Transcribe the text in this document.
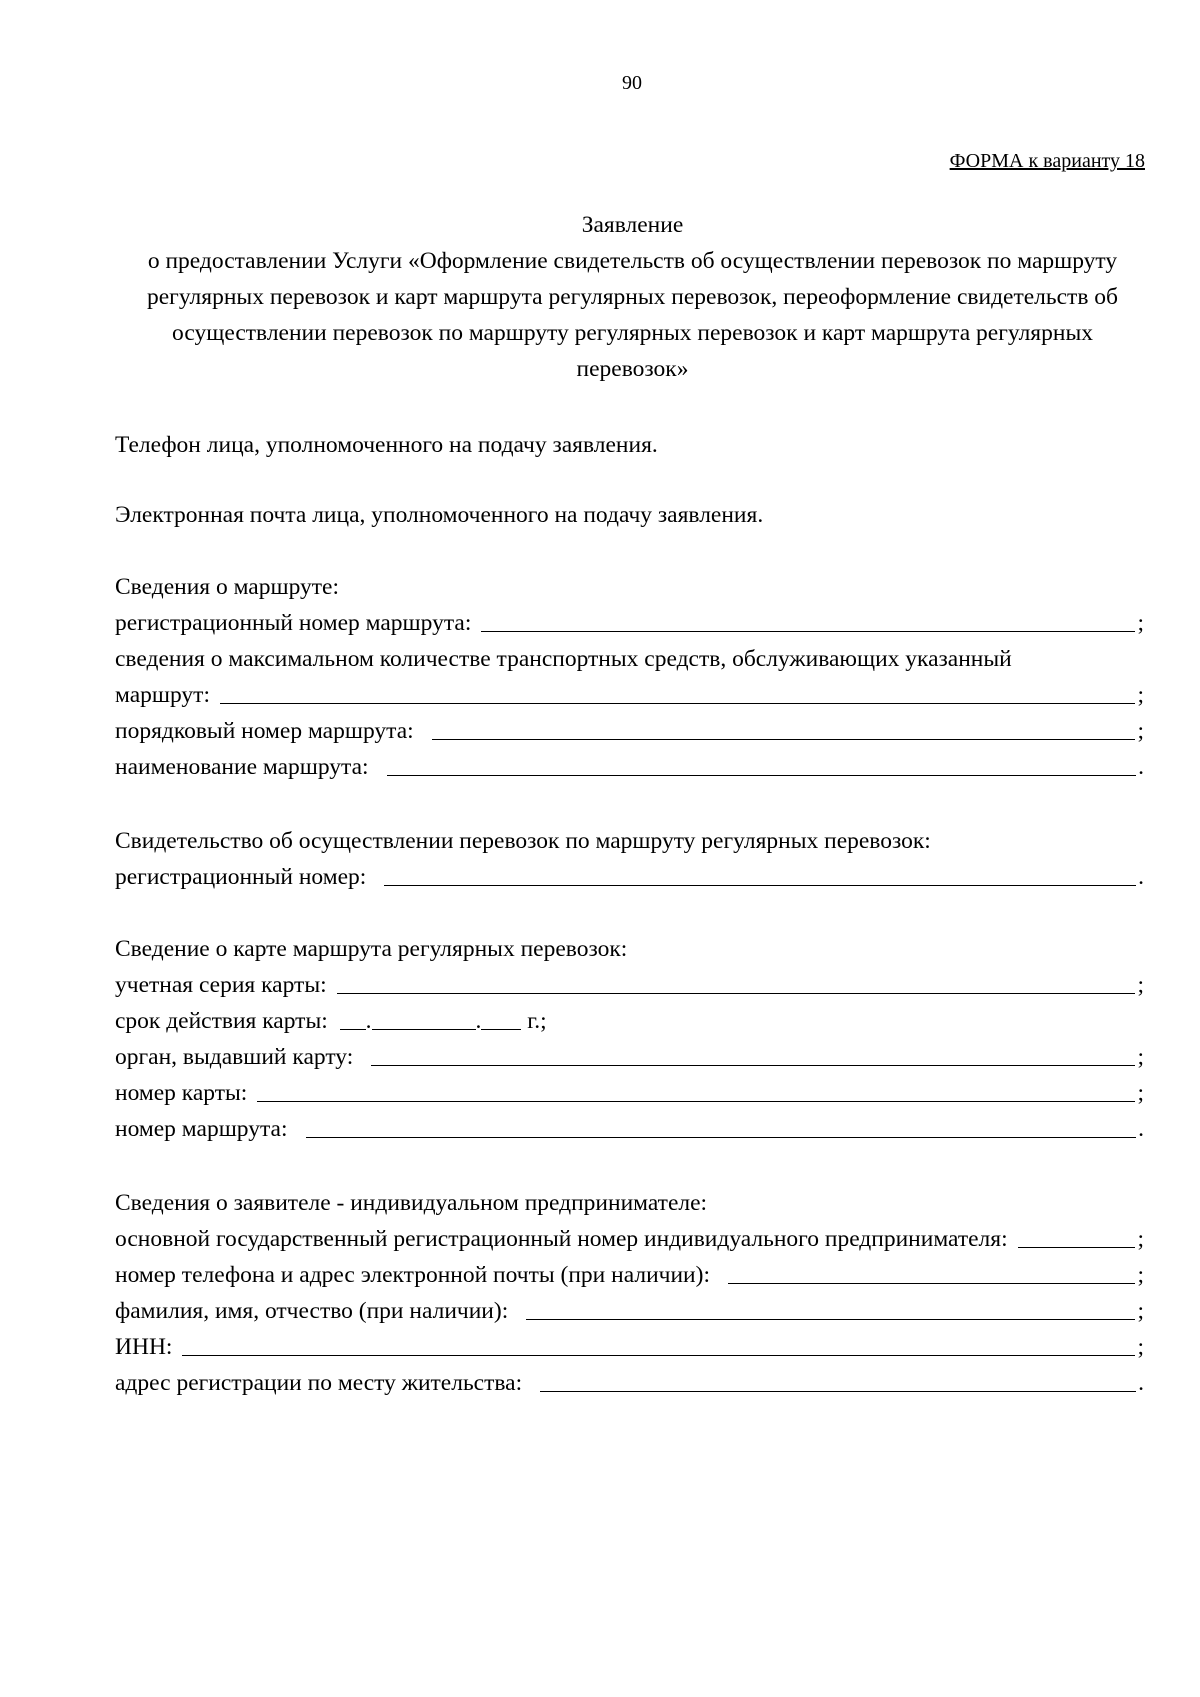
90
ФОРМА к варианту 18
Заявление
о предоставлении Услуги «Оформление свидетельств об осуществлении перевозок по маршруту
регулярных перевозок и карт маршрута регулярных перевозок, переоформление свидетельств об
осуществлении перевозок по маршруту регулярных перевозок и карт маршрута регулярных
перевозок»
Телефон лица, уполномоченного на подачу заявления.
Электронная почта лица, уполномоченного на подачу заявления.
Сведения о маршруте:
регистрационный номер маршрута:	;
сведения о максимальном количестве транспортных средств, обслуживающих указанный
маршрут:	;
порядковый номер маршрута:	;
наименование маршрута:	.
Свидетельство об осуществлении перевозок по маршруту регулярных перевозок:
регистрационный номер:	.
Сведение о карте маршрута регулярных перевозок:
учетная серия карты:	;
срок действия карты: .	. г.;
орган, выдавший карту:	;
номер карты:	;
номер маршрута:	.
Сведения о заявителе - индивидуальном предпринимателе:
основной государственный регистрационный номер индивидуального предпринимателя:	;
номер телефона и адрес электронной почты (при наличии):	;
фамилия, имя, отчество (при наличии):	;
ИНН:	;
адрес регистрации по месту жительства:	.
